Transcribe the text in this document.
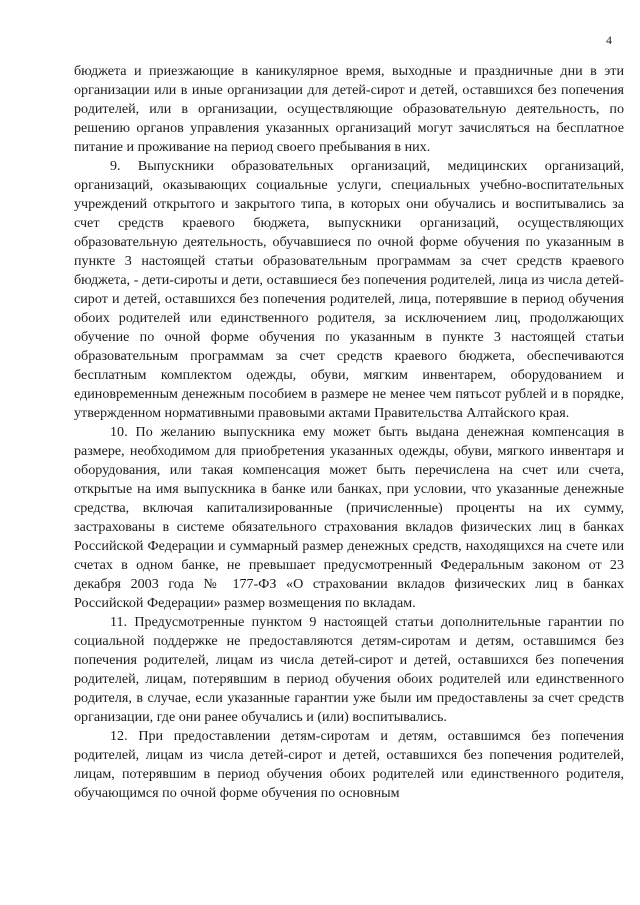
4

бюджета и приезжающие в каникулярное время, выходные и праздничные дни в эти организации или в иные организации для детей-сирот и детей, оставшихся без попечения родителей, или в организации, осуществляющие образовательную деятельность, по решению органов управления указанных организаций могут зачисляться на бесплатное питание и проживание на период своего пребывания в них.

9. Выпускники образовательных организаций, медицинских организаций, организаций, оказывающих социальные услуги, специальных учебно-воспитательных учреждений открытого и закрытого типа, в которых они обучались и воспитывались за счет средств краевого бюджета, выпускники организаций, осуществляющих образовательную деятельность, обучавшиеся по очной форме обучения по указанным в пункте 3 настоящей статьи образовательным программам за счет средств краевого бюджета, - дети-сироты и дети, оставшиеся без попечения родителей, лица из числа детей-сирот и детей, оставшихся без попечения родителей, лица, потерявшие в период обучения обоих родителей или единственного родителя, за исключением лиц, продолжающих обучение по очной форме обучения по указанным в пункте 3 настоящей статьи образовательным программам за счет средств краевого бюджета, обеспечиваются бесплатным комплектом одежды, обуви, мягким инвентарем, оборудованием и единовременным денежным пособием в размере не менее чем пятьсот рублей и в порядке, утвержденном нормативными правовыми актами Правительства Алтайского края.

10. По желанию выпускника ему может быть выдана денежная компенсация в размере, необходимом для приобретения указанных одежды, обуви, мягкого инвентаря и оборудования, или такая компенсация может быть перечислена на счет или счета, открытые на имя выпускника в банке или банках, при условии, что указанные денежные средства, включая капитализированные (причисленные) проценты на их сумму, застрахованы в системе обязательного страхования вкладов физических лиц в банках Российской Федерации и суммарный размер денежных средств, находящихся на счете или счетах в одном банке, не превышает предусмотренный Федеральным законом от 23 декабря 2003 года № 177-ФЗ «О страховании вкладов физических лиц в банках Российской Федерации» размер возмещения по вкладам.

11. Предусмотренные пунктом 9 настоящей статьи дополнительные гарантии по социальной поддержке не предоставляются детям-сиротам и детям, оставшимся без попечения родителей, лицам из числа детей-сирот и детей, оставшихся без попечения родителей, лицам, потерявшим в период обучения обоих родителей или единственного родителя, в случае, если указанные гарантии уже были им предоставлены за счет средств организации, где они ранее обучались и (или) воспитывались.

12. При предоставлении детям-сиротам и детям, оставшимся без попечения родителей, лицам из числа детей-сирот и детей, оставшихся без попечения родителей, лицам, потерявшим в период обучения обоих родителей или единственного родителя, обучающимся по очной форме обучения по основным
